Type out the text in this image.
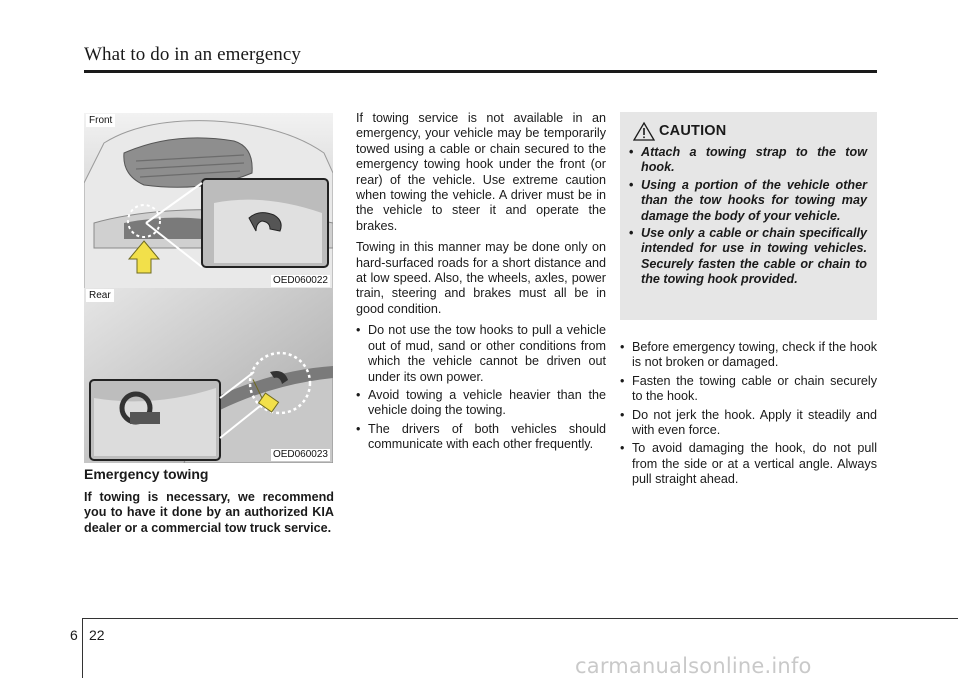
What to do in an emergency
Front
OED060022
Rear
OED060023
Emergency towing
If towing is necessary, we recommend you to have it done by an authorized KIA dealer or a commercial tow truck service.

If towing service is not available in an emergency, your vehicle may be temporarily towed using a cable or chain secured to the emergency towing hook under the front (or rear) of the vehicle. Use extreme caution when towing the vehicle. A driver must be in the vehicle to steer it and operate the brakes.

Towing in this manner may be done only on hard-surfaced roads for a short distance and at low speed. Also, the wheels, axles, power train, steering and brakes must all be in good condition.

• Do not use the tow hooks to pull a vehicle out of mud, sand or other conditions from which the vehicle cannot be driven out under its own power.
• Avoid towing a vehicle heavier than the vehicle doing the towing.
• The drivers of both vehicles should communicate with each other frequently.
CAUTION
• Attach a towing strap to the tow hook.
• Using a portion of the vehicle other than the tow hooks for towing may damage the body of your vehicle.
• Use only a cable or chain specifically intended for use in towing vehicles. Securely fasten the cable or chain to the towing hook provided.
• Before emergency towing, check if the hook is not broken or damaged.
• Fasten the towing cable or chain securely to the hook.
• Do not jerk the hook. Apply it steadily and with even force.
• To avoid damaging the hook, do not pull from the side or at a vertical angle. Always pull straight ahead.
6 22
carmanualsonline.info
